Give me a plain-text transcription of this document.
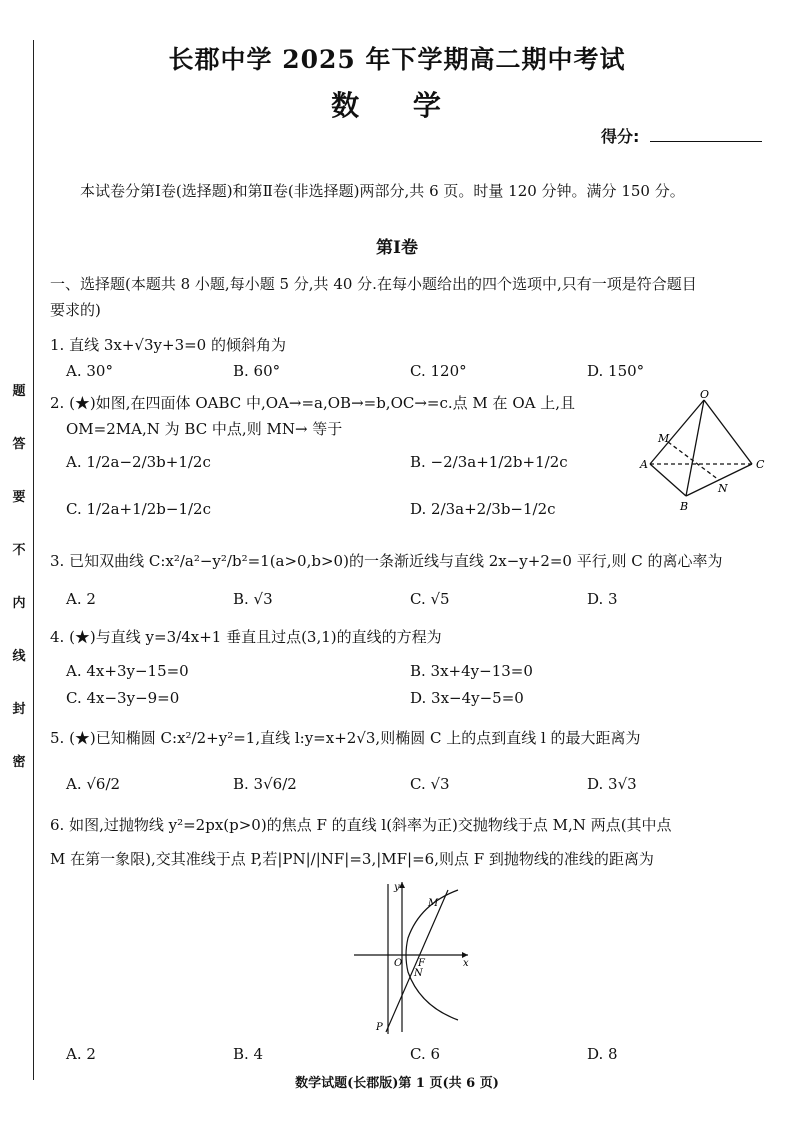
题
答
要
不
内
线
封
密
长郡中学 2025 年下学期高二期中考试
数 学
得分:
本试卷分第Ⅰ卷(选择题)和第Ⅱ卷(非选择题)两部分,共 6 页。时量 120 分钟。满分 150 分。
第Ⅰ卷
一、选择题(本题共 8 小题,每小题 5 分,共 40 分.在每小题给出的四个选项中,只有一项是符合题目
要求的)
1. 直线 3x+√3y+3=0 的倾斜角为
A. 30°	B. 60°	C. 120°	D. 150°
2. (★)如图,在四面体 OABC 中,OA→=a,OB→=b,OC→=c.点 M 在 OA 上,且
OM=2MA,N 为 BC 中点,则 MN→ 等于
A. 1/2a−2/3b+1/2c	B. −2/3a+1/2b+1/2c
C. 1/2a+1/2b−1/2c	D. 2/3a+2/3b−1/2c
O
M
A	C
N
B
3. 已知双曲线 C:x²/a²−y²/b²=1(a>0,b>0)的一条渐近线与直线 2x−y+2=0 平行,则 C 的离心率为
A. 2	B. √3	C. √5	D. 3
4. (★)与直线 y=3/4x+1 垂直且过点(3,1)的直线的方程为
A. 4x+3y−15=0	B. 3x+4y−13=0
C. 4x−3y−9=0	D. 3x−4y−5=0
5. (★)已知椭圆 C:x²/2+y²=1,直线 l:y=x+2√3,则椭圆 C 上的点到直线 l 的最大距离为
A. √6/2	B. 3√6/2	C. √3	D. 3√3
6. 如图,过抛物线 y²=2px(p>0)的焦点 F 的直线 l(斜率为正)交抛物线于点 M,N 两点(其中点
M 在第一象限),交其准线于点 P,若|PN|/|NF|=3,|MF|=6,则点 F 到抛物线的准线的距离为
y
M
O F
N
x
P
A. 2	B. 4	C. 6	D. 8
数学试题(长郡版)第 1 页(共 6 页)
